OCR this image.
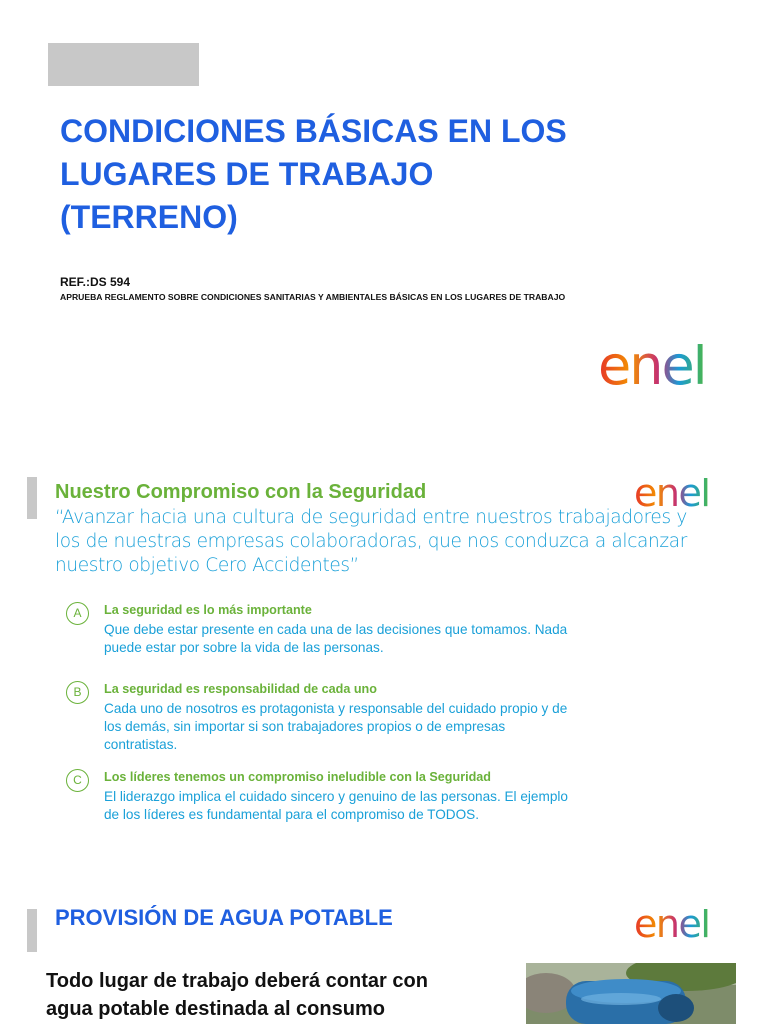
CONDICIONES BÁSICAS EN LOS
LUGARES DE TRABAJO
(TERRENO)
REF.:DS 594
APRUEBA REGLAMENTO SOBRE CONDICIONES SANITARIAS Y AMBIENTALES BÁSICAS EN LOS LUGARES DE TRABAJO
enel
Nuestro Compromiso con la Seguridad	enel

“Avanzar hacia una cultura de seguridad entre nuestros trabajadores y los de nuestras empresas colaboradoras, que nos conduzca a alcanzar nuestro objetivo Cero Accidentes”

A	La seguridad es lo más importante
Que debe estar presente en cada una de las decisiones que tomamos. Nada
puede estar por sobre la vida de las personas.
B	La seguridad es responsabilidad de cada uno
Cada uno de nosotros es protagonista y responsable del cuidado propio y de
los demás, sin importar si son trabajadores propios o de empresas
contratistas.
C	Los líderes tenemos un compromiso ineludible con la Seguridad
El liderazgo implica el cuidado sincero y genuino de las personas. El ejemplo
de los líderes es fundamental para el compromiso de TODOS.
PROVISIÓN DE AGUA POTABLE	enel
Todo lugar de trabajo deberá contar con
agua potable destinada al consumo
